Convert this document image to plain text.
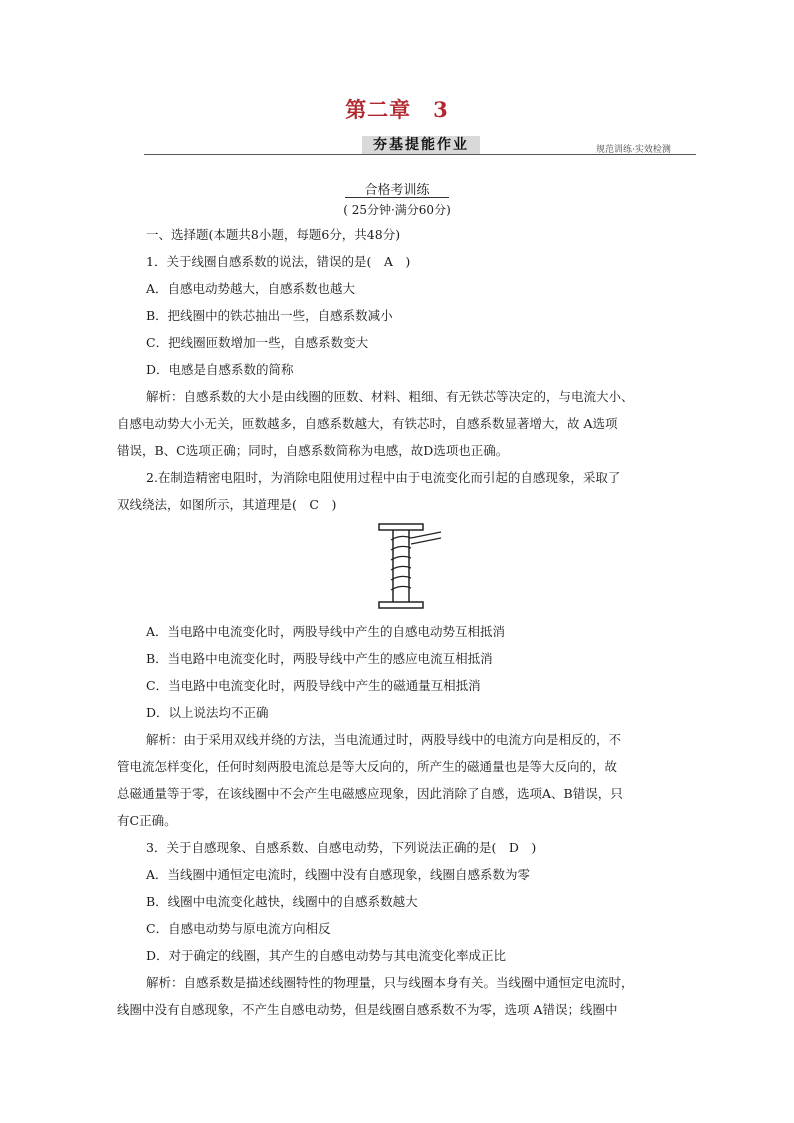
第二章　3
夯基提能作业	规范训练·实效检测
合格考训练
( 25分钟·满分60分)
一、选择题(本题共8小题，每题6分，共48分)
1．关于线圈自感系数的说法，错误的是(　A　)
A．自感电动势越大，自感系数也越大
B．把线圈中的铁芯抽出一些，自感系数减小
C．把线圈匝数增加一些，自感系数变大
D．电感是自感系数的简称
解析：自感系数的大小是由线圈的匝数、材料、粗细、有无铁芯等决定的，与电流大小、
自感电动势大小无关，匝数越多，自感系数越大，有铁芯时，自感系数显著增大，故 A选项
错误，B、C选项正确；同时，自感系数简称为电感，故D选项也正确。
2.在制造精密电阻时，为消除电阻使用过程中由于电流变化而引起的自感现象，采取了
双线绕法，如图所示，其道理是(　C　)
A．当电路中电流变化时，两股导线中产生的自感电动势互相抵消
B．当电路中电流变化时，两股导线中产生的感应电流互相抵消
C．当电路中电流变化时，两股导线中产生的磁通量互相抵消
D．以上说法均不正确
解析：由于采用双线并绕的方法，当电流通过时，两股导线中的电流方向是相反的，不
管电流怎样变化，任何时刻两股电流总是等大反向的，所产生的磁通量也是等大反向的，故
总磁通量等于零，在该线圈中不会产生电磁感应现象，因此消除了自感，选项A、B错误，只
有C正确。
3．关于自感现象、自感系数、自感电动势，下列说法正确的是(　D　)
A．当线圈中通恒定电流时，线圈中没有自感现象，线圈自感系数为零
B．线圈中电流变化越快，线圈中的自感系数越大
C．自感电动势与原电流方向相反
D．对于确定的线圈，其产生的自感电动势与其电流变化率成正比
解析：自感系数是描述线圈特性的物理量，只与线圈本身有关。当线圈中通恒定电流时，
线圈中没有自感现象，不产生自感电动势，但是线圈自感系数不为零，选项 A错误；线圈中
